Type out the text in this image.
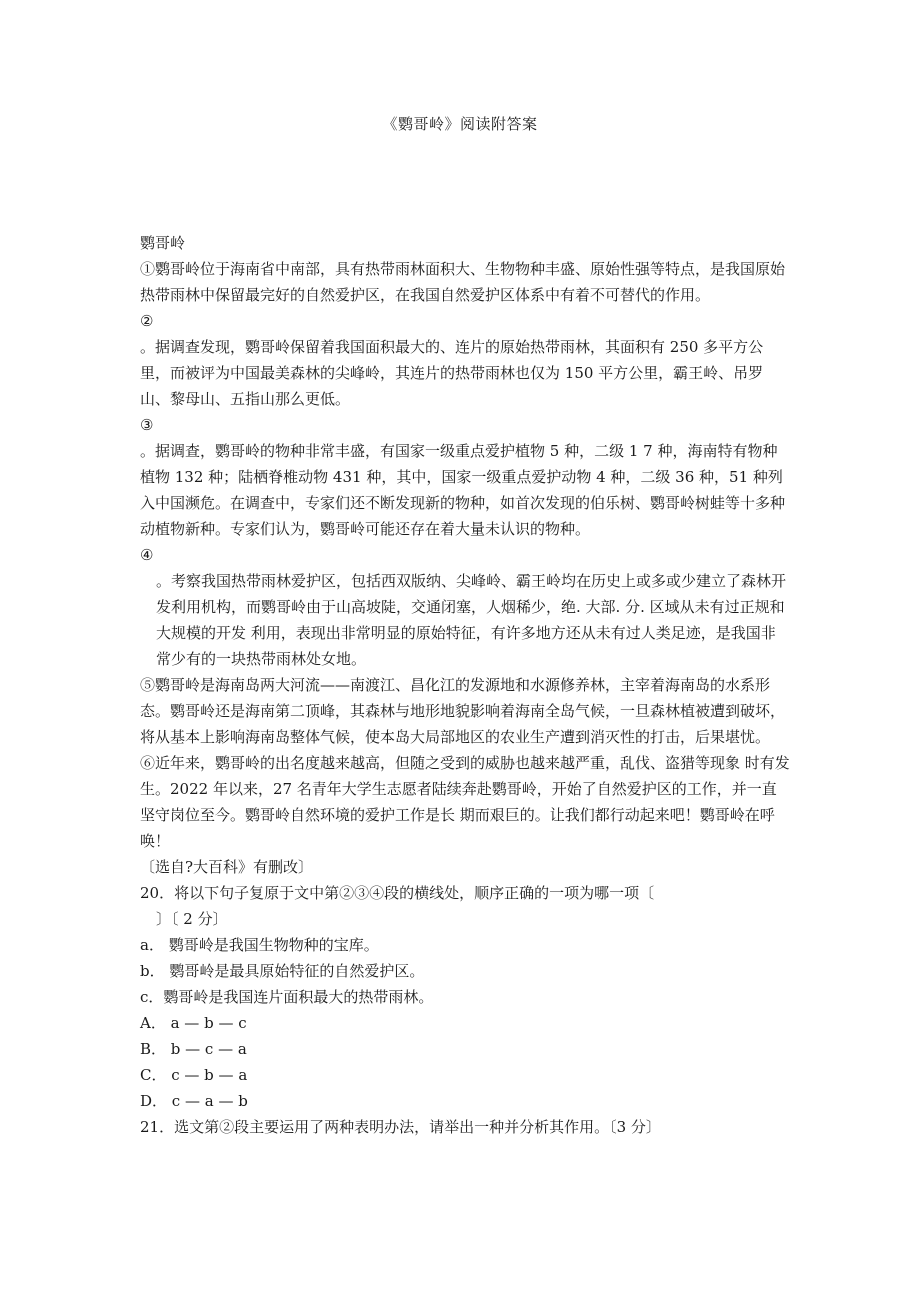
《鹦哥岭》阅读附答案

鹦哥岭

①鹦哥岭位于海南省中南部，具有热带雨林面积大、生物物种丰盛、原始性强等特点，是我国原始热带雨林中保留最完好的自然爱护区，在我国自然爱护区体系中有着不可替代的作用。

②

。据调查发现，鹦哥岭保留着我国面积最大的、连片的原始热带雨林，其面积有 250 多平方公里，而被评为中国最美森林的尖峰岭，其连片的热带雨林也仅为 150 平方公里，霸王岭、吊罗山、黎母山、五指山那么更低。

③

。据调查，鹦哥岭的物种非常丰盛，有国家一级重点爱护植物 5 种，二级 1 7 种，海南特有物种植物 132 种；陆栖脊椎动物 431 种，其中，国家一级重点爱护动物 4 种，二级 36 种，51 种列入中国濒危。在调查中，专家们还不断发现新的物种，如首次发现的伯乐树、鹦哥岭树蛙等十多种动植物新种。专家们认为，鹦哥岭可能还存在着大量未认识的物种。

④

。考察我国热带雨林爱护区，包括西双版纳、尖峰岭、霸王岭均在历史上或多或少建立了森林开发利用机构，而鹦哥岭由于山高坡陡，交通闭塞，人烟稀少，绝. 大部. 分. 区域从未有过正规和大规模的开发 利用，表现出非常明显的原始特征，有许多地方还从未有过人类足迹，是我国非常少有的一块热带雨林处女地。

⑤鹦哥岭是海南岛两大河流——南渡江、昌化江的发源地和水源修养林，主宰着海南岛的水系形态。鹦哥岭还是海南第二顶峰，其森林与地形地貌影响着海南全岛气候，一旦森林植被遭到破坏，将从基本上影响海南岛整体气候，使本岛大局部地区的农业生产遭到消灭性的打击，后果堪忧。

⑥近年来，鹦哥岭的出名度越来越高，但随之受到的威胁也越来越严重，乱伐、盗猎等现象 时有发生。2022 年以来，27 名青年大学生志愿者陆续奔赴鹦哥岭，开始了自然爱护区的工作，并一直坚守岗位至今。鹦哥岭自然环境的爱护工作是长 期而艰巨的。让我们都行动起来吧！鹦哥岭在呼唤！

〔选自?大百科》有删改〕

20．将以下句子复原于文中第②③④段的横线处，顺序正确的一项为哪一项〔

〕〔 2 分〕

a． 鹦哥岭是我国生物物种的宝库。

b． 鹦哥岭是最具原始特征的自然爱护区。

c．鹦哥岭是我国连片面积最大的热带雨林。

A． a — b — c

B． b — c — a

C． c — b — a

D． c — a — b

21．选文第②段主要运用了两种表明办法，请举出一种并分析其作用。〔3 分〕
